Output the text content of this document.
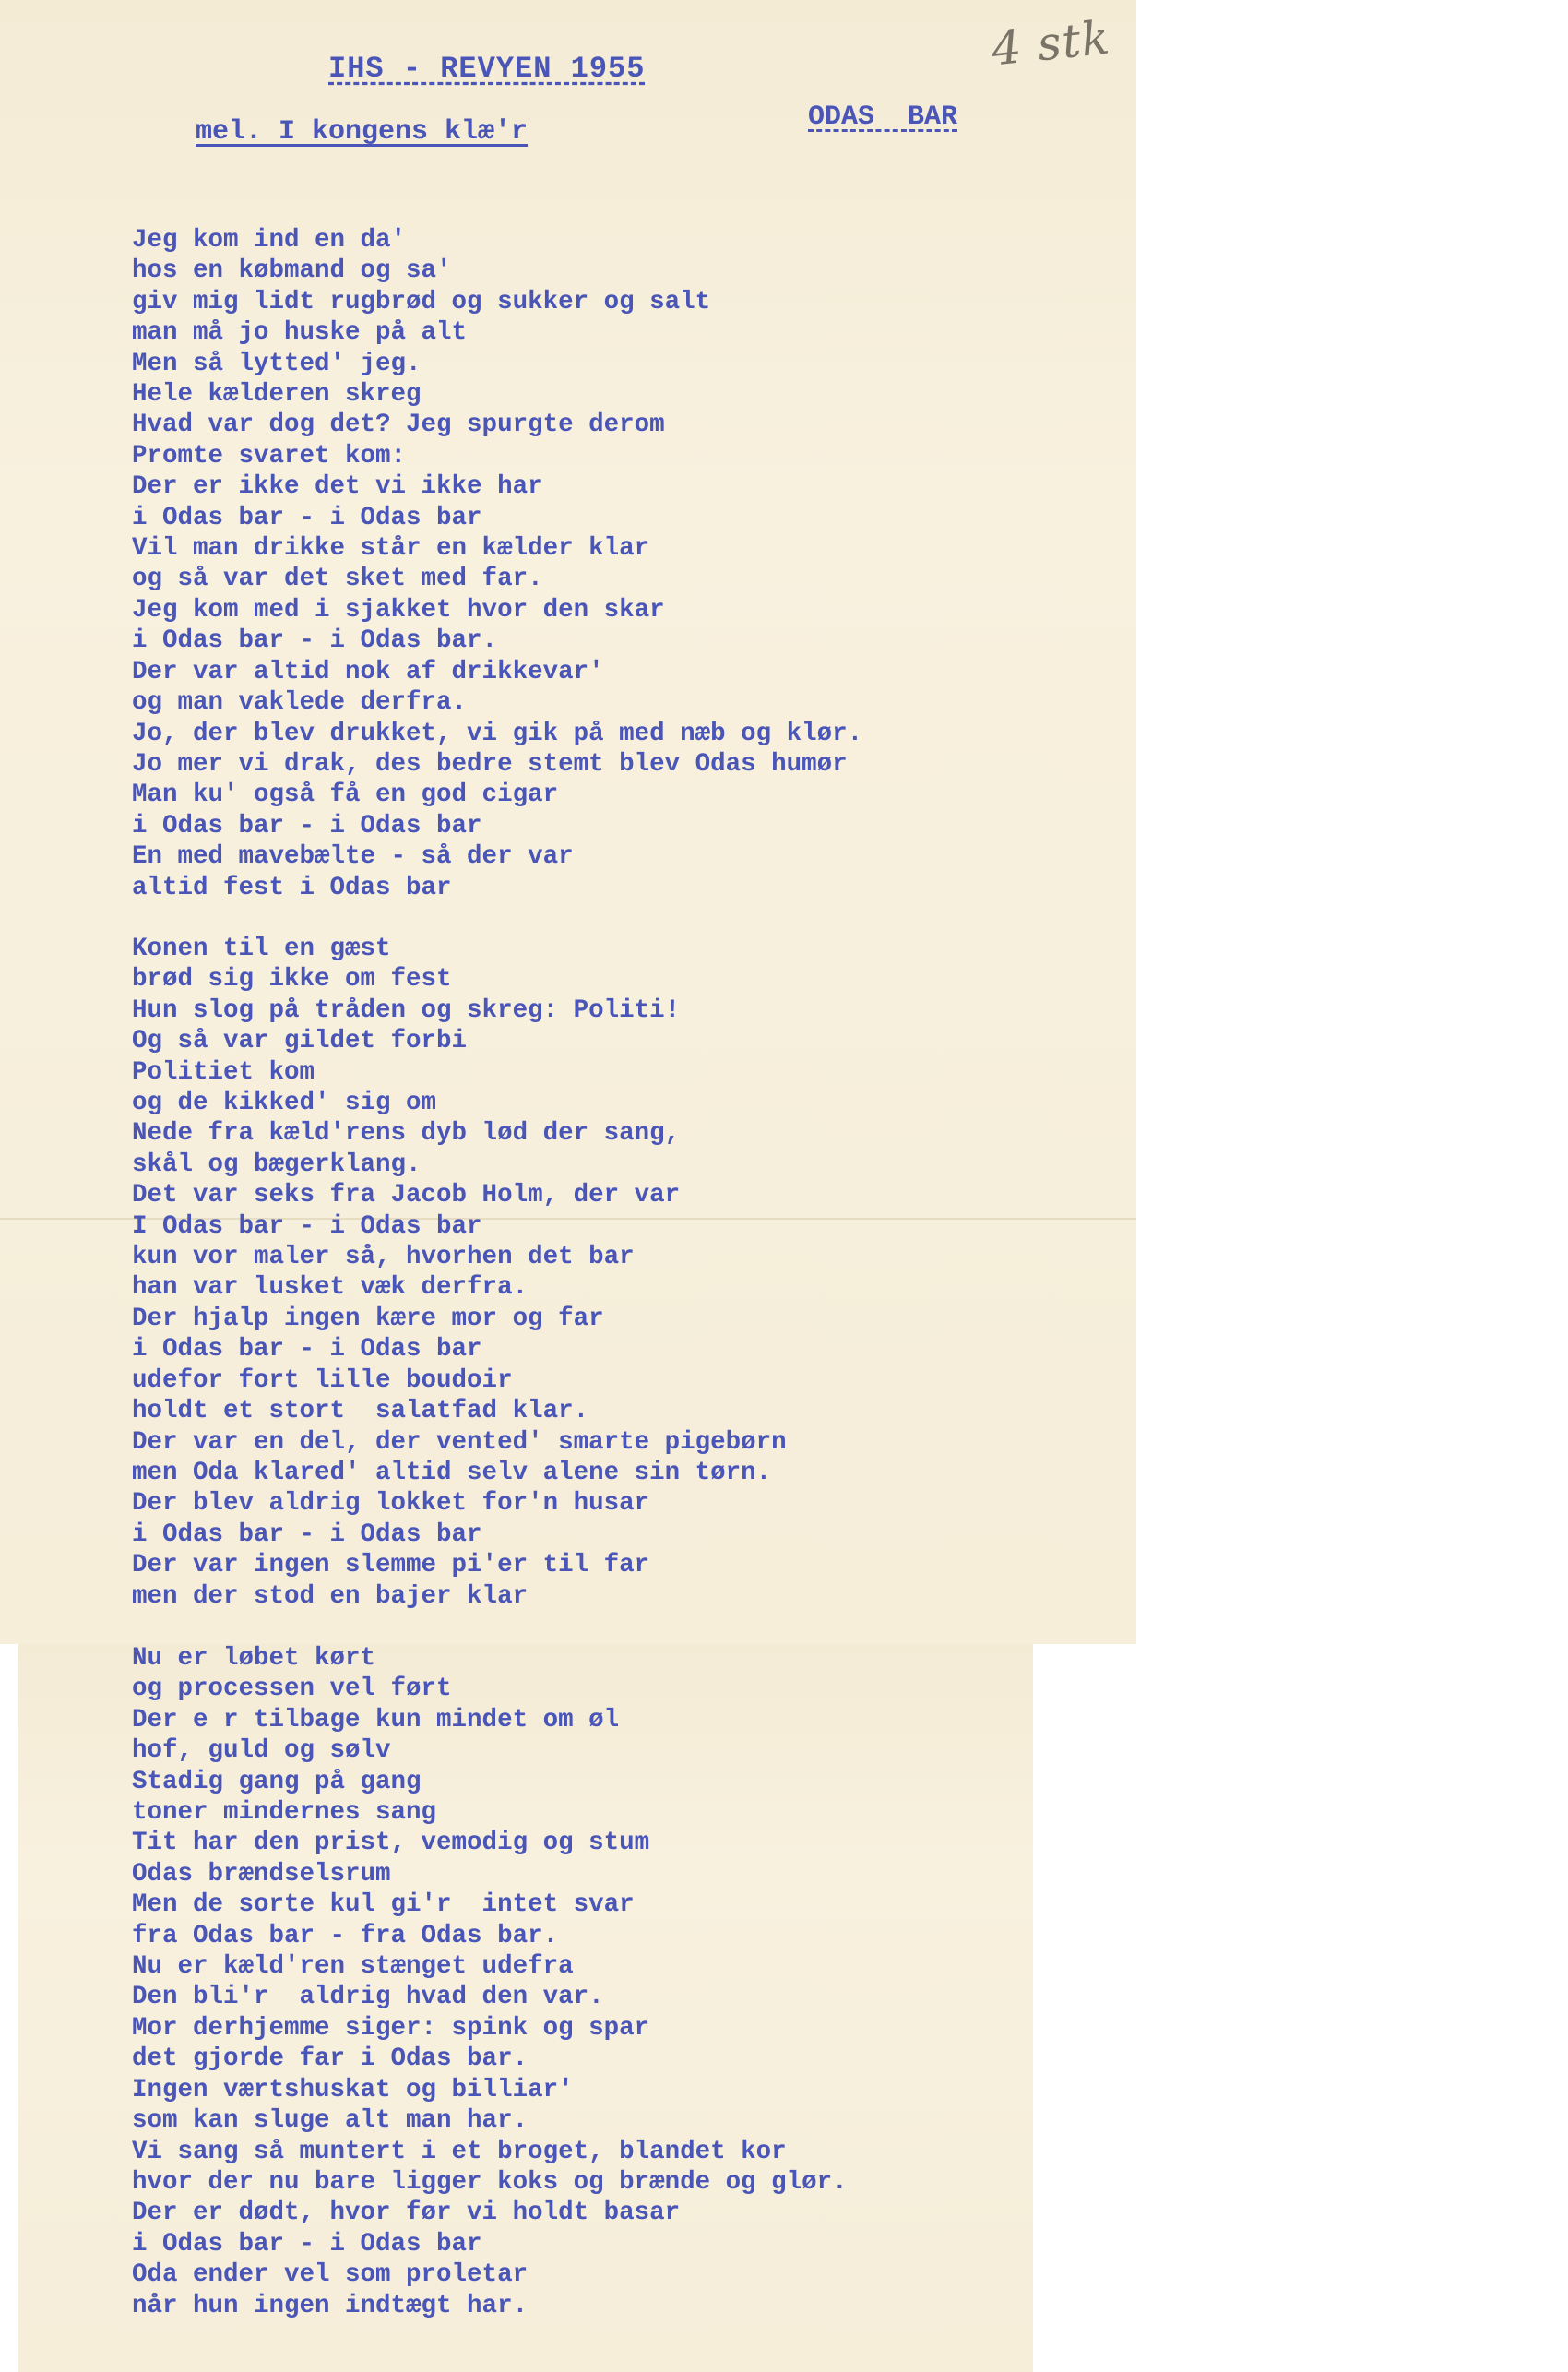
4 stk
IHS - REVYEN 1955
mel. I kongens klæ'r	ODAS  BAR
Jeg kom ind en da'
hos en købmand og sa'
giv mig lidt rugbrød og sukker og salt
man må jo huske på alt
Men så lytted' jeg.
Hele kælderen skreg
Hvad var dog det? Jeg spurgte derom
Promte svaret kom:
Der er ikke det vi ikke har
i Odas bar - i Odas bar
Vil man drikke står en kælder klar
og så var det sket med far.
Jeg kom med i sjakket hvor den skar
i Odas bar - i Odas bar.
Der var altid nok af drikkevar'
og man vaklede derfra.
Jo, der blev drukket, vi gik på med næb og klør.
Jo mer vi drak, des bedre stemt blev Odas humør
Man ku' også få en god cigar
i Odas bar - i Odas bar
En med mavebælte - så der var
altid fest i Odas bar
Konen til en gæst
brød sig ikke om fest
Hun slog på tråden og skreg: Politi!
Og så var gildet forbi
Politiet kom
og de kikked' sig om
Nede fra kæld'rens dyb lød der sang,
skål og bægerklang.
Det var seks fra Jacob Holm, der var
I Odas bar - i Odas bar
kun vor maler så, hvorhen det bar
han var lusket væk derfra.
Der hjalp ingen kære mor og far
i Odas bar - i Odas bar
udefor fort lille boudoir
holdt et stort  salatfad klar.
Der var en del, der vented' smarte pigebørn
men Oda klared' altid selv alene sin tørn.
Der blev aldrig lokket for'n husar
i Odas bar - i Odas bar
Der var ingen slemme pi'er til far
men der stod en bajer klar
Nu er løbet kørt
og processen vel ført
Der e r tilbage kun mindet om øl
hof, guld og sølv
Stadig gang på gang
toner mindernes sang
Tit har den prist, vemodig og stum
Odas brændselsrum
Men de sorte kul gi'r  intet svar
fra Odas bar - fra Odas bar.
Nu er kæld'ren stænget udefra
Den bli'r  aldrig hvad den var.
Mor derhjemme siger: spink og spar
det gjorde far i Odas bar.
Ingen værtshuskat og billiar'
som kan sluge alt man har.
Vi sang så muntert i et broget, blandet kor
hvor der nu bare ligger koks og brænde og glør.
Der er dødt, hvor før vi holdt basar
i Odas bar - i Odas bar
Oda ender vel som proletar
når hun ingen indtægt har.
